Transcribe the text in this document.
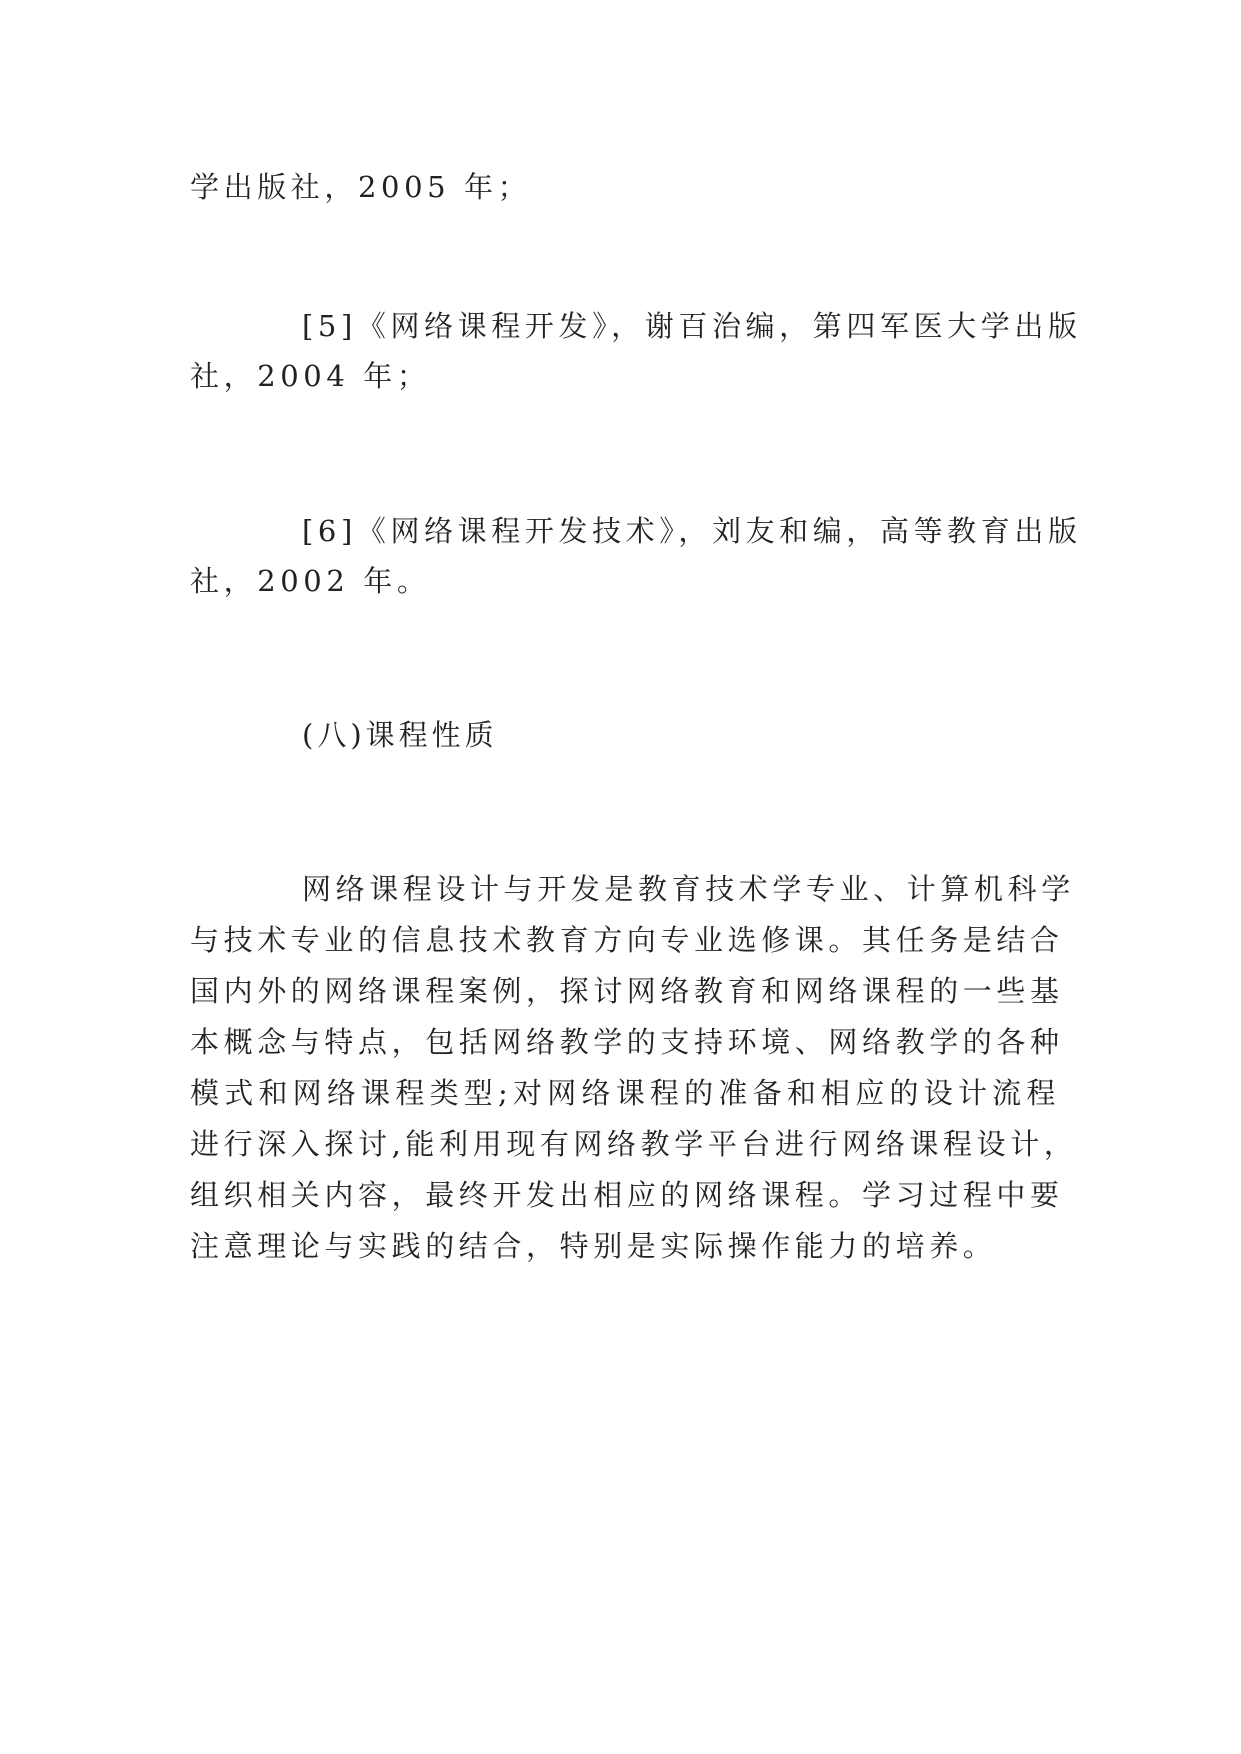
学出版社，2005 年；
[5]《网络课程开发》，谢百治编，第四军医大学出版
社，2004 年；
[6]《网络课程开发技术》，刘友和编，高等教育出版
社，2002 年。
(八)课程性质
网络课程设计与开发是教育技术学专业、计算机科学
与技术专业的信息技术教育方向专业选修课。其任务是结合
国内外的网络课程案例，探讨网络教育和网络课程的一些基
本概念与特点，包括网络教学的支持环境、网络教学的各种
模式和网络课程类型;对网络课程的准备和相应的设计流程
进行深入探讨,能利用现有网络教学平台进行网络课程设计，
组织相关内容，最终开发出相应的网络课程。学习过程中要
注意理论与实践的结合，特别是实际操作能力的培养。
